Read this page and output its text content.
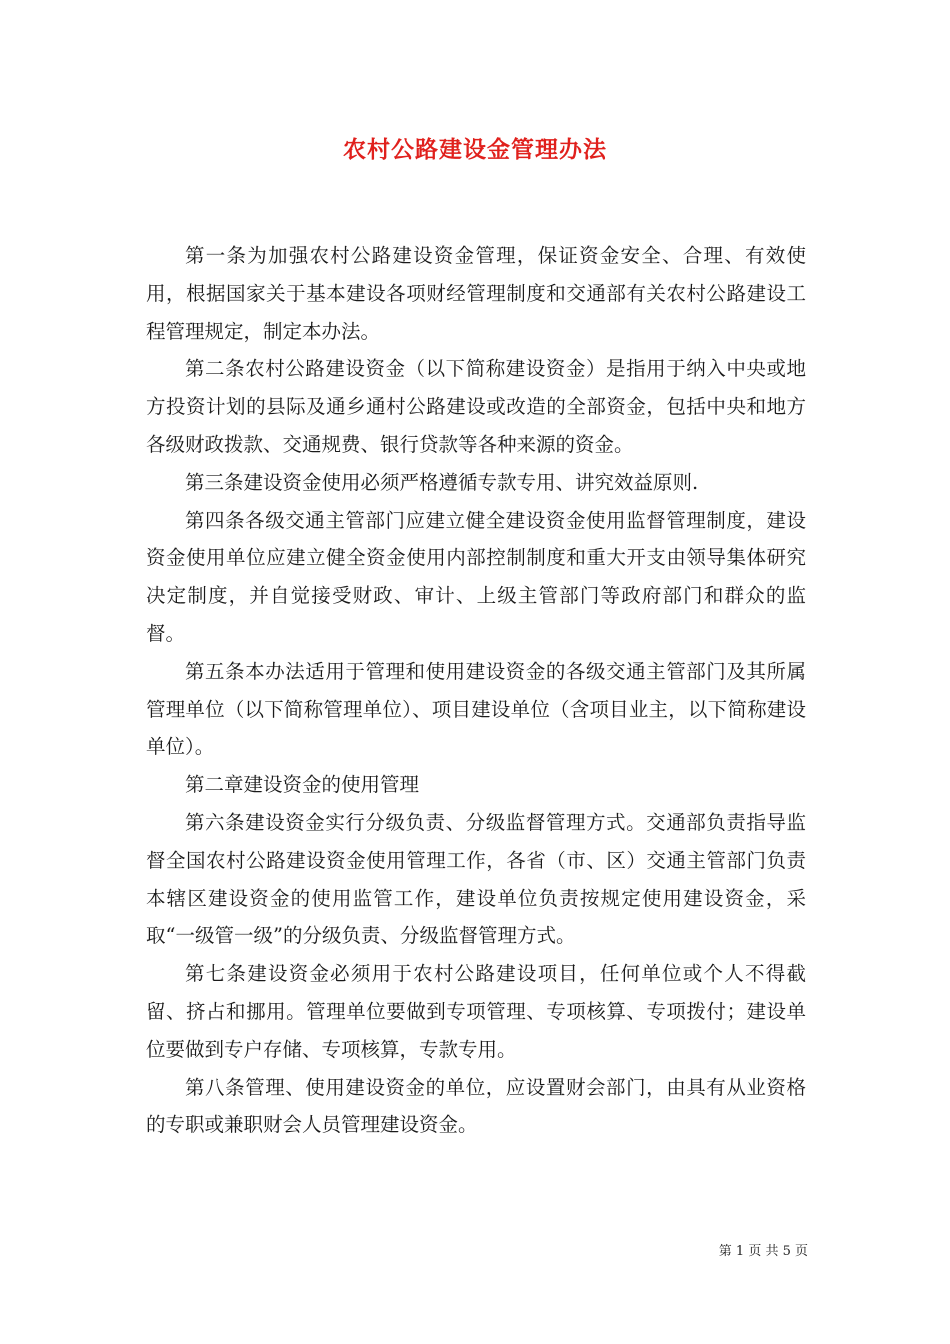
农村公路建设金管理办法

第一条为加强农村公路建设资金管理，保证资金安全、合理、有效使用，根据国家关于基本建设各项财经管理制度和交通部有关农村公路建设工程管理规定，制定本办法。

第二条农村公路建设资金（以下简称建设资金）是指用于纳入中央或地方投资计划的县际及通乡通村公路建设或改造的全部资金，包括中央和地方各级财政拨款、交通规费、银行贷款等各种来源的资金。

第三条建设资金使用必须严格遵循专款专用、讲究效益原则.

第四条各级交通主管部门应建立健全建设资金使用监督管理制度，建设资金使用单位应建立健全资金使用内部控制制度和重大开支由领导集体研究决定制度，并自觉接受财政、审计、上级主管部门等政府部门和群众的监督。

第五条本办法适用于管理和使用建设资金的各级交通主管部门及其所属管理单位（以下简称管理单位）、项目建设单位（含项目业主，以下简称建设单位）。

第二章建设资金的使用管理

第六条建设资金实行分级负责、分级监督管理方式。交通部负责指导监督全国农村公路建设资金使用管理工作，各省（市、区）交通主管部门负责本辖区建设资金的使用监管工作，建设单位负责按规定使用建设资金，采取“一级管一级”的分级负责、分级监督管理方式。

第七条建设资金必须用于农村公路建设项目，任何单位或个人不得截留、挤占和挪用。管理单位要做到专项管理、专项核算、专项拨付；建设单位要做到专户存储、专项核算，专款专用。

第八条管理、使用建设资金的单位，应设置财会部门，由具有从业资格的专职或兼职财会人员管理建设资金。

第 1 页 共 5 页
